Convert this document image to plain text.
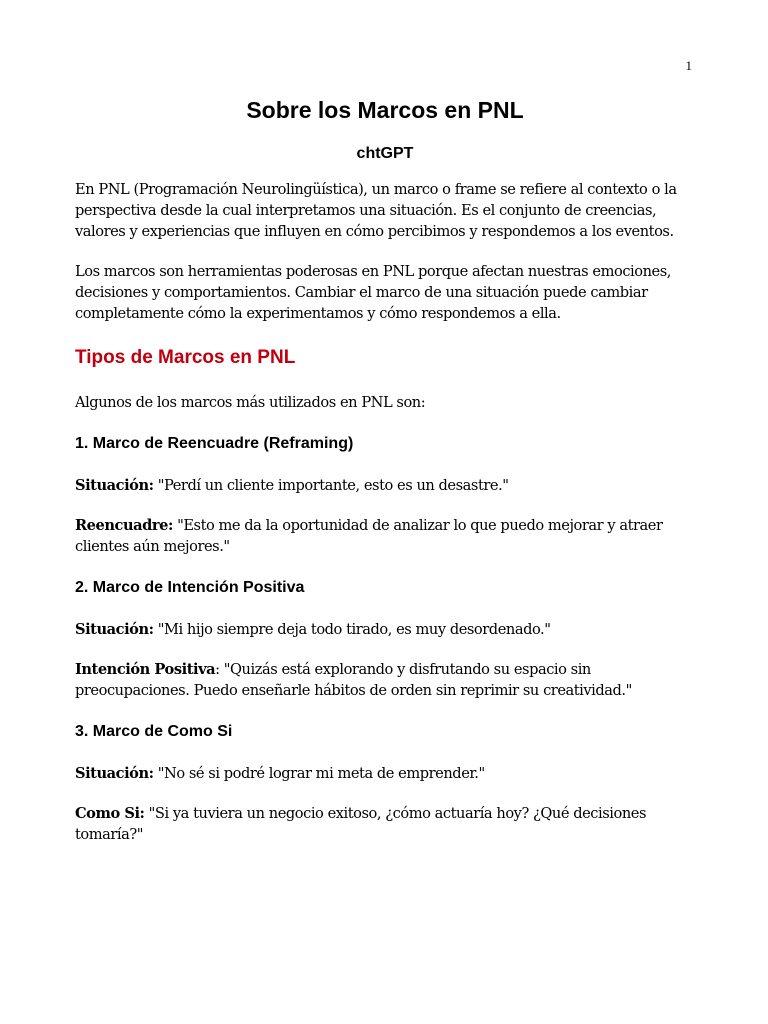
1
Sobre los Marcos en PNL
chtGPT

En PNL (Programación Neurolingüística), un marco o frame se refiere al contexto o la perspectiva desde la cual interpretamos una situación. Es el conjunto de creencias, valores y experiencias que influyen en cómo percibimos y respondemos a los eventos.

Los marcos son herramientas poderosas en PNL porque afectan nuestras emociones, decisiones y comportamientos. Cambiar el marco de una situación puede cambiar completamente cómo la experimentamos y cómo respondemos a ella.

Tipos de Marcos en PNL

Algunos de los marcos más utilizados en PNL son:

1. Marco de Reencuadre (Reframing)

Situación: "Perdí un cliente importante, esto es un desastre."

Reencuadre: "Esto me da la oportunidad de analizar lo que puedo mejorar y atraer clientes aún mejores."

2. Marco de Intención Positiva

Situación: "Mi hijo siempre deja todo tirado, es muy desordenado."

Intención Positiva: "Quizás está explorando y disfrutando su espacio sin preocupaciones. Puedo enseñarle hábitos de orden sin reprimir su creatividad."

3. Marco de Como Si

Situación: "No sé si podré lograr mi meta de emprender."

Como Si: "Si ya tuviera un negocio exitoso, ¿cómo actuaría hoy? ¿Qué decisiones tomaría?"
